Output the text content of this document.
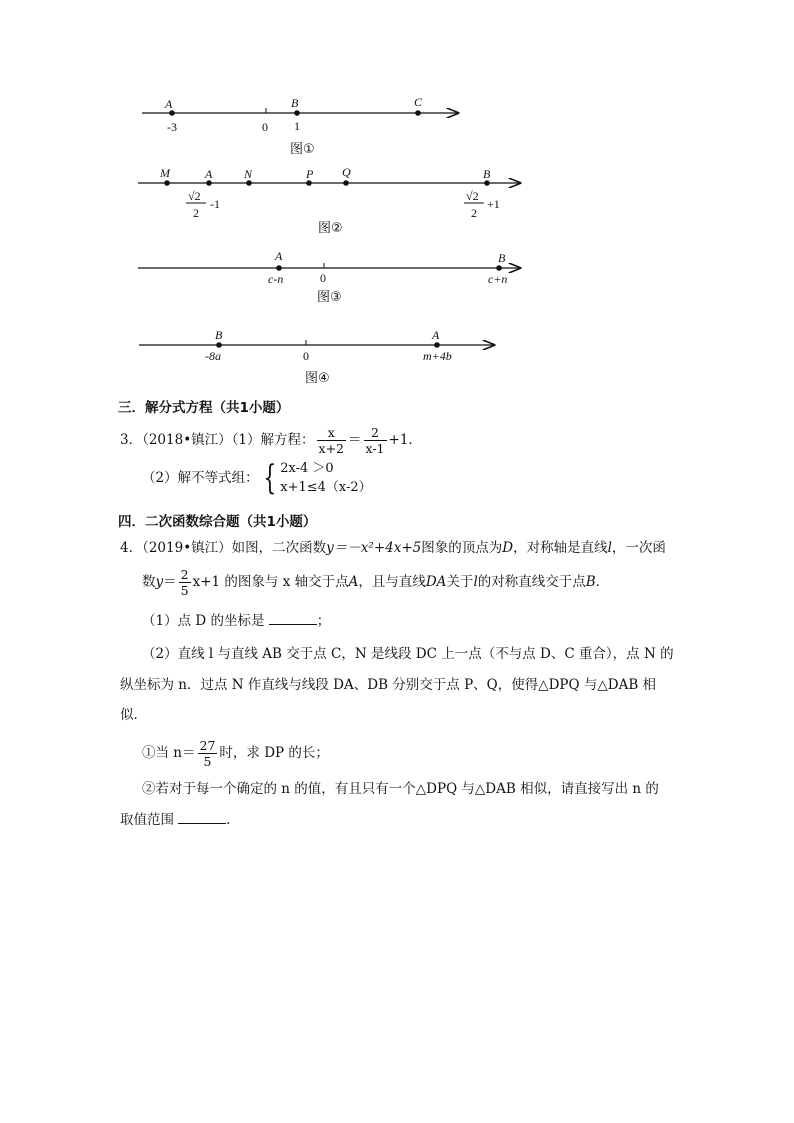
A	B	C
-3	0 1
图①
M	A	N	P Q	B
√2
2
-1
√2
2
+1
图②
A	B
c-n	0	c+n
图③
B	A
-8a	0	m+4b
图④
三．解分式方程（共1小题）
3．（2018•镇江）（1）解方程： $\frac{x}{x+2} = \frac{2}{x-1} +1$．
（2）解不等式组： { 2x-4 ＞0
x+1≤4（x-2）
四．二次函数综合题（共1小题）
4．（2019•镇江）如图，二次函数y＝－x²+4x+5图象的顶点为D，对称轴是直线l，一次函
数$y= \frac{2}{5} x+1$ 的图象与 x 轴交于点A，且与直线DA关于l的对称直线交于点B．
（1）点 D 的坐标是	；
（2）直线 l 与直线 AB 交于点 C，N 是线段 DC 上一点（不与点 D、C 重合），点 N 的
纵坐标为 n．过点 N 作直线与线段 DA、DB 分别交于点 P、Q，使得△DPQ 与△DAB 相
似．
①当 $n= \frac{27}{5}$ 时，求 DP 的长；
②若对于每一个确定的 n 的值，有且只有一个△DPQ 与△DAB 相似，请直接写出 n 的
取值范围	．
